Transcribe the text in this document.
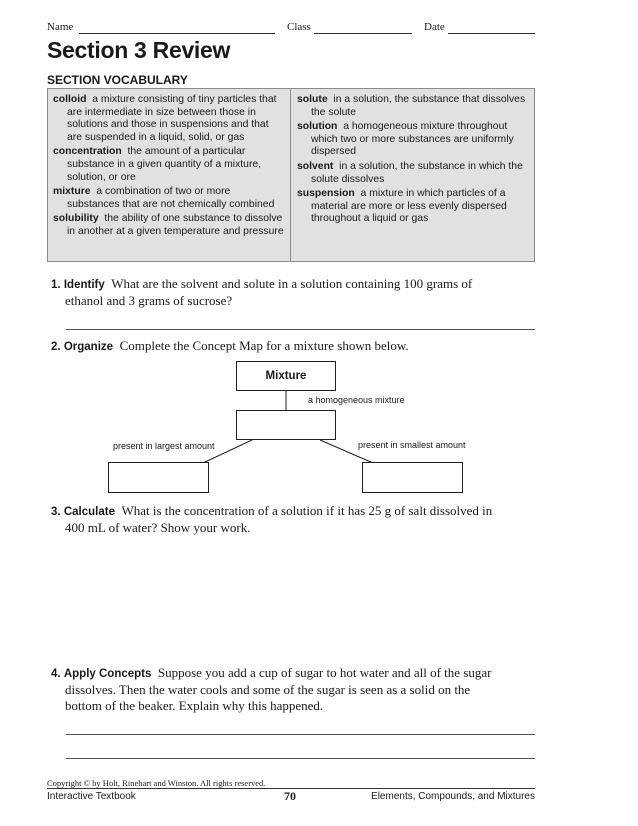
Name	Class	Date
Section 3 Review
SECTION VOCABULARY
colloid a mixture consisting of tiny particles that are intermediate in size between those in solutions and those in suspensions and that are suspended in a liquid, solid, or gas
concentration the amount of a particular substance in a given quantity of a mixture, solution, or ore
mixture a combination of two or more substances that are not chemically combined
solubility the ability of one substance to dissolve in another at a given temperature and pressure
solute in a solution, the substance that dissolves the solute
solution a homogeneous mixture throughout which two or more substances are uniformly dispersed
solvent in a solution, the substance in which the solute dissolves
suspension a mixture in which particles of a material are more or less evenly dispersed throughout a liquid or gas
1. Identify What are the solvent and solute in a solution containing 100 grams of
ethanol and 3 grams of sucrose?
2. Organize Complete the Concept Map for a mixture shown below.
Mixture
a homogeneous mixture
present in largest amount	present in smallest amount
3. Calculate What is the concentration of a solution if it has 25 g of salt dissolved in
400 mL of water? Show your work.
4. Apply Concepts Suppose you add a cup of sugar to hot water and all of the sugar
dissolves. Then the water cools and some of the sugar is seen as a solid on the
bottom of the beaker. Explain why this happened.
Copyright © by Holt, Rinehart and Winston. All rights reserved.
Interactive Textbook	70	Elements, Compounds, and Mixtures
